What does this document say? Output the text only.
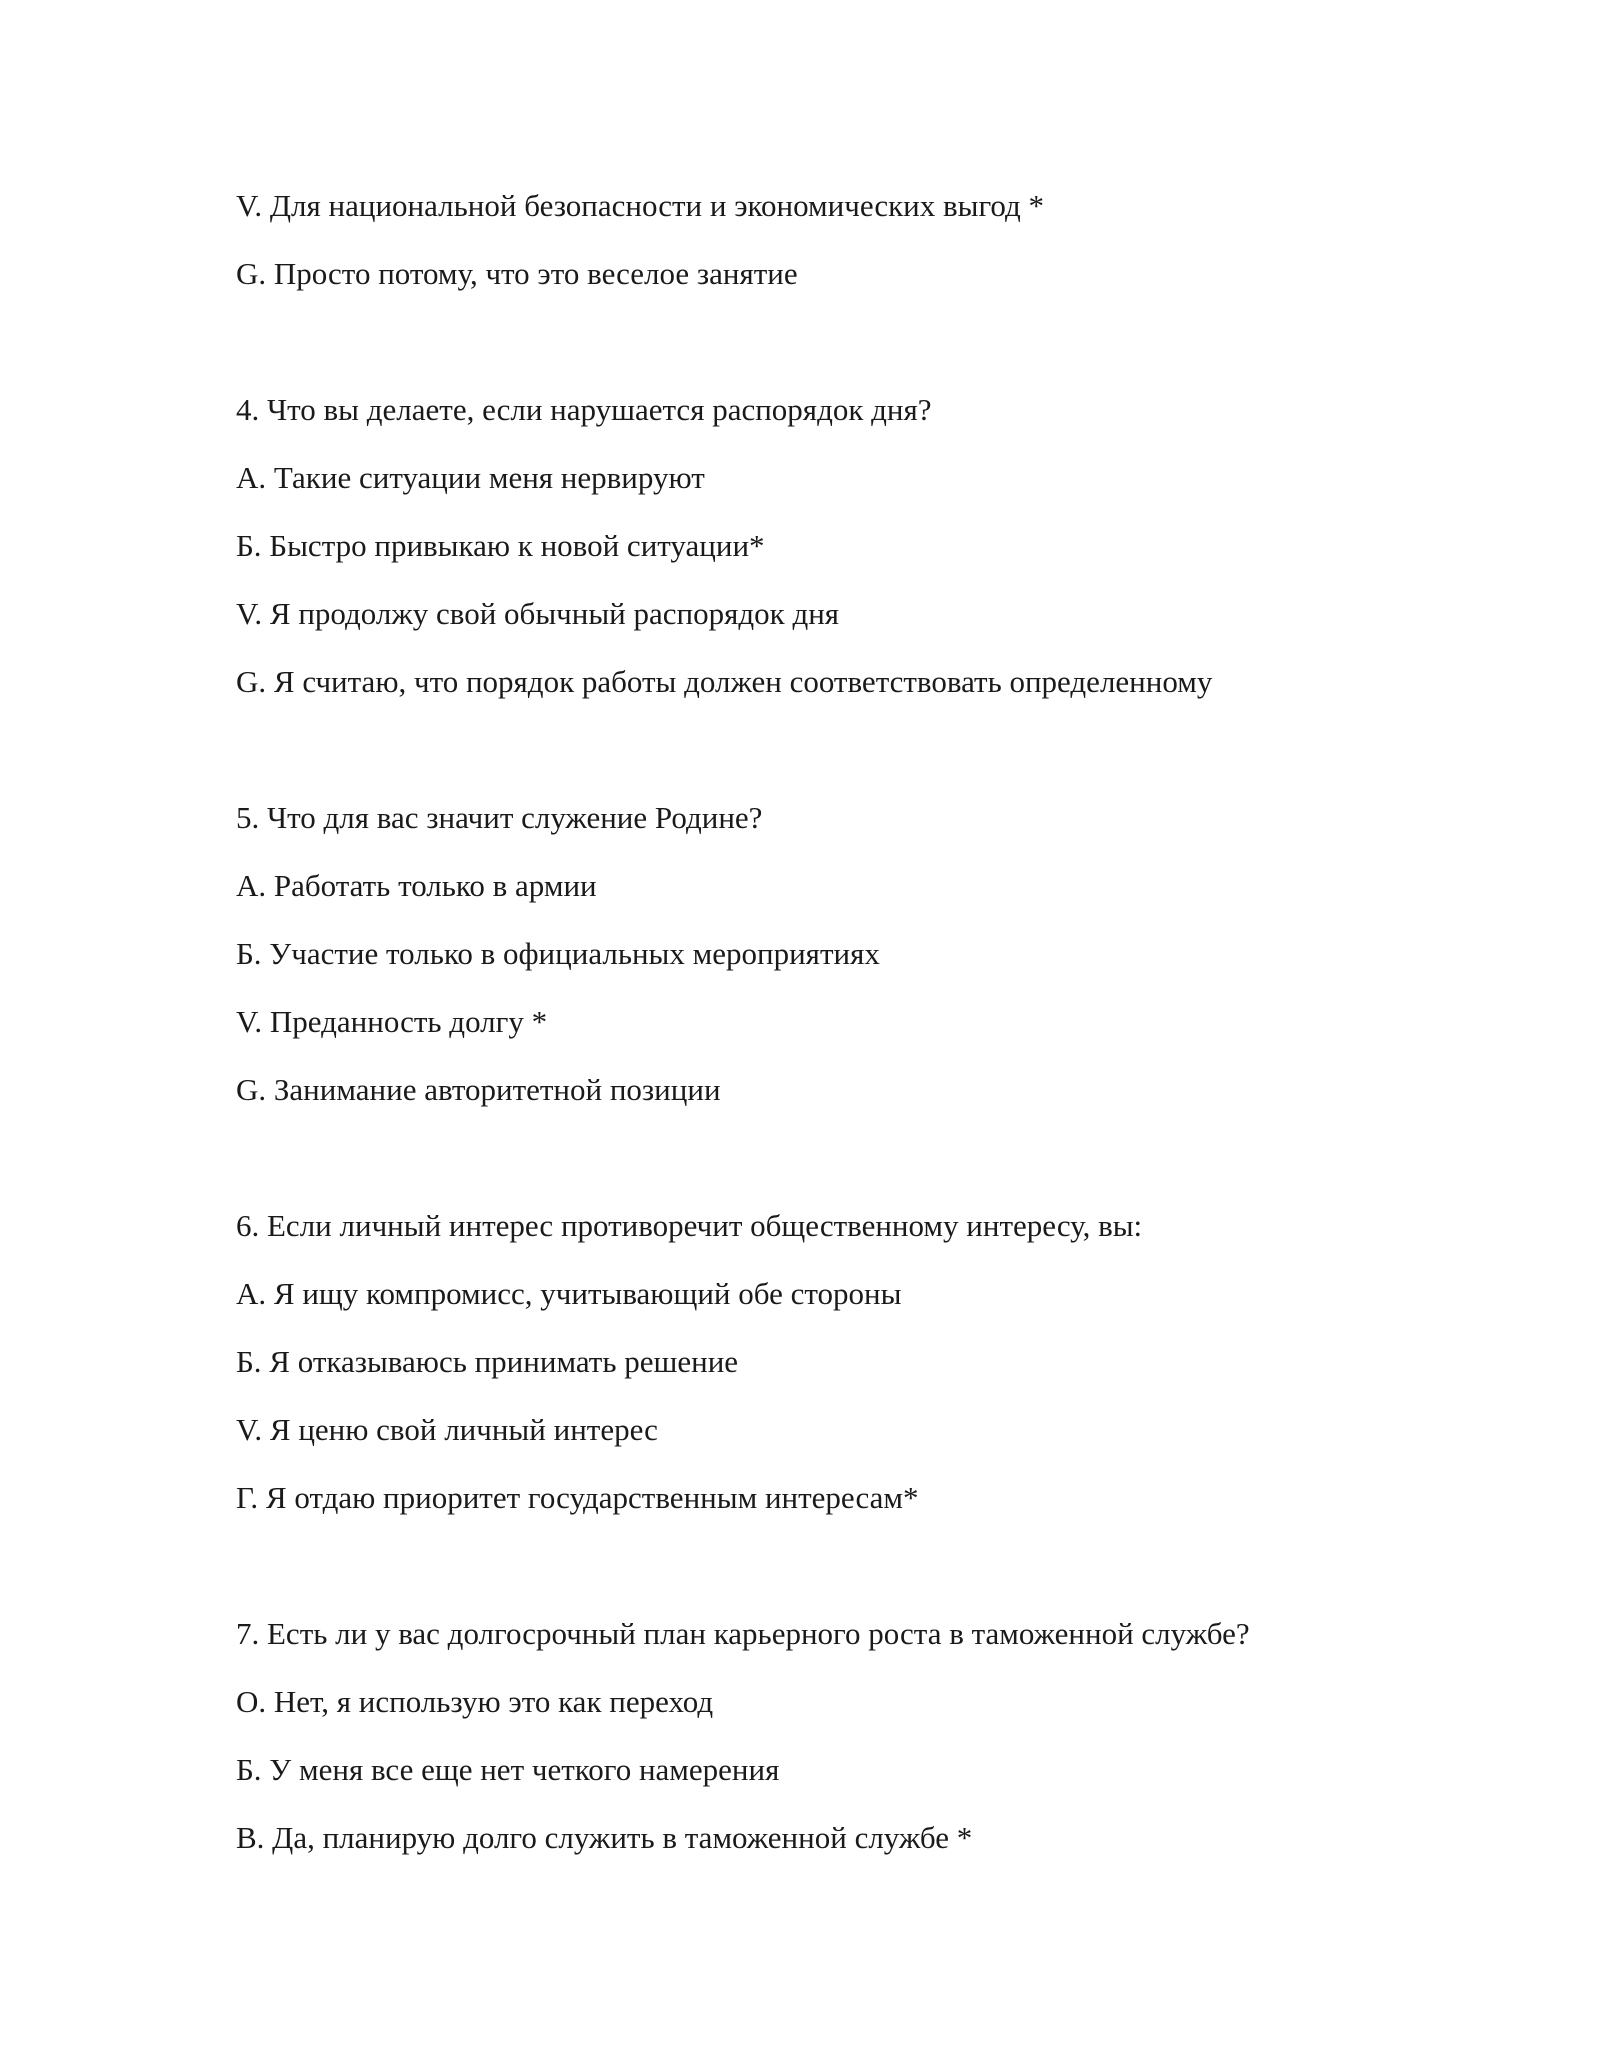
V. Для национальной безопасности и экономических выгод *
G. Просто потому, что это веселое занятие
4. Что вы делаете, если нарушается распорядок дня?
А. Такие ситуации меня нервируют
Б. Быстро привыкаю к новой ситуации*
V. Я продолжу свой обычный распорядок дня
G. Я считаю, что порядок работы должен соответствовать определенному
5. Что для вас значит служение Родине?
А. Работать только в армии
Б. Участие только в официальных мероприятиях
V. Преданность долгу *
G. Занимание авторитетной позиции
6. Если личный интерес противоречит общественному интересу, вы:
А. Я ищу компромисс, учитывающий обе стороны
Б. Я отказываюсь принимать решение
V. Я ценю свой личный интерес
Г. Я отдаю приоритет государственным интересам*
7. Есть ли у вас долгосрочный план карьерного роста в таможенной службе?
О. Нет, я использую это как переход
Б. У меня все еще нет четкого намерения
В. Да, планирую долго служить в таможенной службе *
